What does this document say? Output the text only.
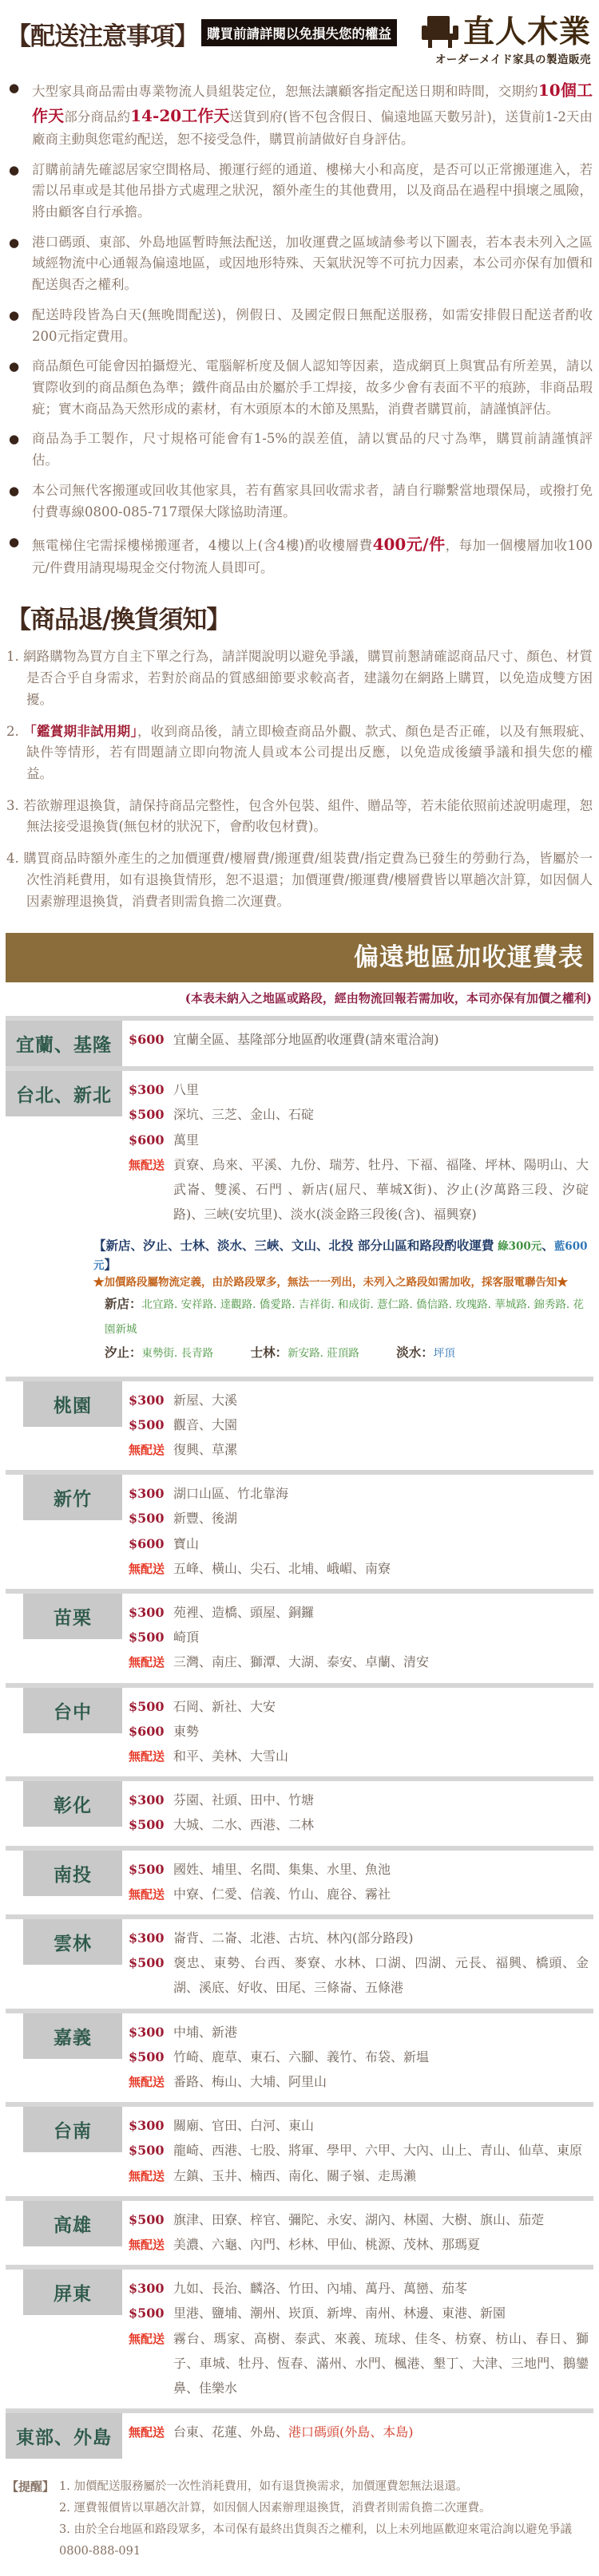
【配送注意事項】 購買前請詳閱以免損失您的權益 直人木業
オーダーメイド家具の製造販売
● 大型家具商品需由專業物流人員組裝定位，恕無法讓顧客指定配送日期和時間，交期約10個工作天部分商品約14-20工作天送貨到府(皆不包含假日、偏遠地區天數另計)，送貨前1-2天由廠商主動與您電約配送，恕不接受急件，購買前請做好自身評估。
● 訂購前請先確認居家空間格局、搬運行經的通道、樓梯大小和高度，是否可以正常搬運進入，若需以吊車或是其他吊掛方式處理之狀況，額外產生的其他費用，以及商品在過程中損壞之風險，將由顧客自行承擔。
● 港口碼頭、東部、外島地區暫時無法配送，加收運費之區域請參考以下圖表，若本表未列入之區域經物流中心通報為偏遠地區，或因地形特殊、天氣狀況等不可抗力因素，本公司亦保有加價和配送與否之權利。
● 配送時段皆為白天(無晚間配送)，例假日、及國定假日無配送服務，如需安排假日配送者酌收200元指定費用。
● 商品顏色可能會因拍攝燈光、電腦解析度及個人認知等因素，造成網頁上與實品有所差異，請以實際收到的商品顏色為準；鐵件商品由於屬於手工焊接，故多少會有表面不平的痕跡，非商品瑕疵；實木商品為天然形成的素材，有木頭原本的木節及黑點，消費者購買前，請謹慎評估。
● 商品為手工製作，尺寸規格可能會有1-5%的誤差值，請以實品的尺寸為準，購買前請謹慎評估。
● 本公司無代客搬運或回收其他家具，若有舊家具回收需求者，請自行聯繫當地環保局，或撥打免付費專線0800-085-717環保大隊協助清運。
● 無電梯住宅需採樓梯搬運者，4樓以上(含4樓)酌收樓層費400元/件，每加一個樓層加收100元/件費用請現場現金交付物流人員即可。
【商品退/換貨須知】
1. 網路購物為買方自主下單之行為，請詳閱說明以避免爭議，購買前懇請確認商品尺寸、顏色、材質是否合乎自身需求，若對於商品的質感細節要求較高者，建議勿在網路上購買，以免造成雙方困擾。
2. 「鑑賞期非試用期」，收到商品後，請立即檢查商品外觀、款式、顏色是否正確，以及有無瑕疵、缺件等情形，若有問題請立即向物流人員或本公司提出反應，以免造成後續爭議和損失您的權益。
3. 若欲辦理退換貨，請保持商品完整性，包含外包裝、組件、贈品等，若未能依照前述說明處理，恕無法接受退換貨(無包材的狀況下，會酌收包材費)。
4. 購買商品時額外產生的之加價運費/樓層費/搬運費/組裝費/指定費為已發生的勞動行為，皆屬於一次性消耗費用，如有退換貨情形，恕不退還；加價運費/搬運費/樓層費皆以單趟次計算，如因個人因素辦理退換貨，消費者則需負擔二次運費。
偏遠地區加收運費表
(本表未納入之地區或路段，經由物流回報若需加收，本司亦保有加價之權利)
宜蘭、基隆	$600 宜蘭全區、基隆部分地區酌收運費(請來電洽詢)
台北、新北	$300 八里
$500 深坑、三芝、金山、石碇
$600 萬里
無配送 貢寮、烏來、平溪、九份、瑞芳、牡丹、下福、福隆、坪林、陽明山、大武崙、雙溪、石門 、新店(屈尺、華城X街)、汐止(汐萬路三段、汐碇路)、三峽(安坑里)、淡水(淡金路三段後(含)、福興寮)
【新店、汐止、士林、淡水、三峽、文山、北投 部分山區和路段酌收運費 綠300元、藍600元】
★加價路段屬物流定義，由於路段眾多，無法一一列出，未列入之路段如需加收，採客服電聯告知★
新店：北宜路. 安祥路. 達觀路. 僑愛路. 吉祥街. 和成街. 薏仁路. 僑信路. 玫瑰路. 華城路. 錦秀路. 花園新城
汐止：東勢街. 長青路　　　士林：新安路. 莊頂路　　　淡水：坪頂
桃園	$300 新屋、大溪
$500 觀音、大園
無配送 復興、草漯
新竹	$300 湖口山區、竹北靠海
$500 新豐、後湖
$600 寶山
無配送 五峰、橫山、尖石、北埔、峨嵋、南寮
苗栗	$300 苑裡、造橋、頭屋、銅鑼
$500 崎頂
無配送 三灣、南庄、獅潭、大湖、泰安、卓蘭、清安
台中	$500 石岡、新社、大安
$600 東勢
無配送 和平、美林、大雪山
彰化	$300 芬園、社頭、田中、竹塘
$500 大城、二水、西港、二林
南投	$500 國姓、埔里、名間、集集、水里、魚池
無配送 中寮、仁愛、信義、竹山、鹿谷、霧社
雲林	$300 崙背、二崙、北港、古坑、林內(部分路段)
$500 褒忠、東勢、台西、麥寮、水林、口湖、四湖、元長、福興、橋頭、金湖、溪底、好收、田尾、三條崙、五條港
嘉義	$300 中埔、新港
$500 竹崎、鹿草、東石、六腳、義竹、布袋、新塭
無配送 番路、梅山、大埔、阿里山
台南	$300 關廟、官田、白河、東山
$500 龍崎、西港、七股、將軍、學甲、六甲、大內、山上、青山、仙草、東原
無配送 左鎮、玉井、楠西、南化、關子嶺、走馬瀨
高雄	$500 旗津、田寮、梓官、彌陀、永安、湖內、林園、大樹、旗山、茄萣
無配送 美濃、六龜、內門、杉林、甲仙、桃源、茂林、那瑪夏
屏東	$300 九如、長治、麟洛、竹田、內埔、萬丹、萬巒、茄苳
$500 里港、鹽埔、潮州、崁頂、新埤、南州、林邊、東港、新園
無配送 霧台、瑪家、高樹、泰武、來義、琉球、佳冬、枋寮、枋山、春日、獅子、車城、牡丹、恆春、滿州、水門、楓港、墾丁、大津、三地門、鵝鑾鼻、佳樂水
東部、外島	無配送 台東、花蓮、外島、港口碼頭(外島、本島)
【提醒】 1. 加價配送服務屬於一次性消耗費用，如有退貨換需求，加價運費恕無法退還。
2. 運費報價皆以單趟次計算，如因個人因素辦理退換貨，消費者則需負擔二次運費。
3. 由於全台地區和路段眾多，本司保有最終出貨與否之權利，以上未列地區歡迎來電洽詢以避免爭議 0800-888-091
